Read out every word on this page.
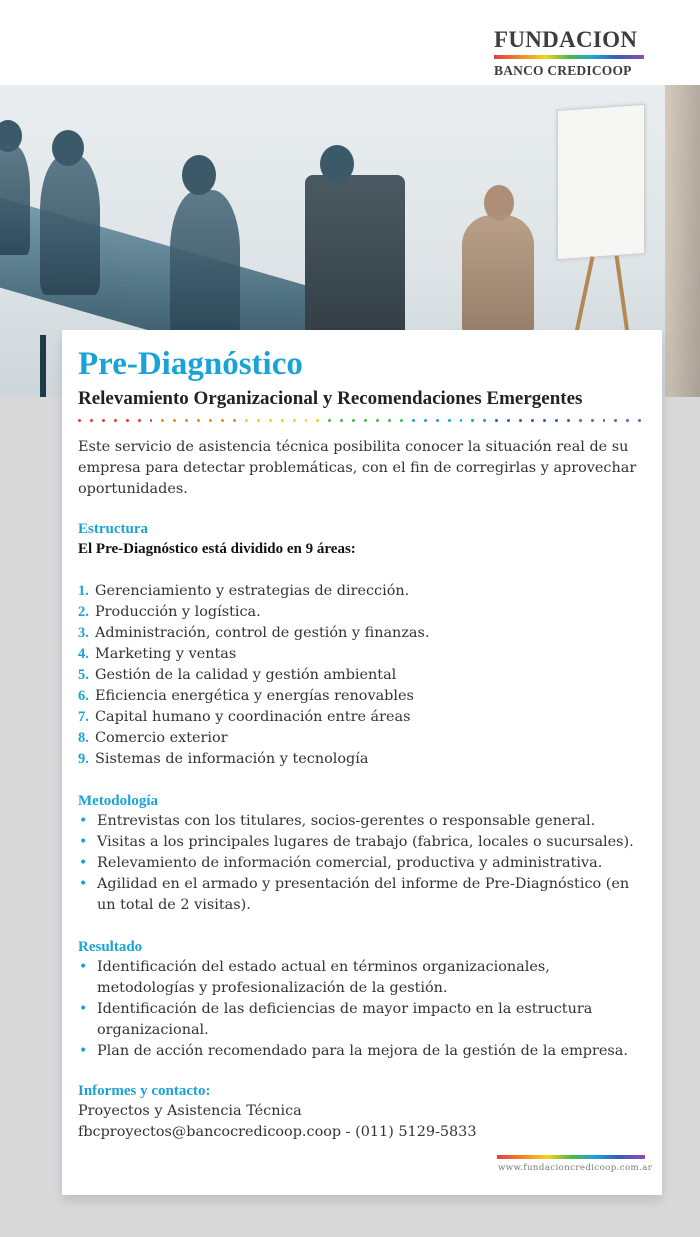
FUNDACION
BANCO CREDICOOP
Pre-Diagnóstico
Relevamiento Organizacional y Recomendaciones Emergentes
Este servicio de asistencia técnica posibilita conocer la situación real de su empresa para detectar problemáticas, con el fin de corregirlas y aprovechar oportunidades.
Estructura
El Pre-Diagnóstico está dividido en 9 áreas:
1. Gerenciamiento y estrategias de dirección.
2. Producción y logística.
3. Administración, control de gestión y finanzas.
4. Marketing y ventas
5. Gestión de la calidad y gestión ambiental
6. Eficiencia energética y energías renovables
7. Capital humano y coordinación entre áreas
8. Comercio exterior
9. Sistemas de información y tecnología
Metodología
• Entrevistas con los titulares, socios-gerentes o responsable general.
• Visitas a los principales lugares de trabajo (fabrica, locales o sucursales).
• Relevamiento de información comercial, productiva y administrativa.
• Agilidad en el armado y presentación del informe de Pre-Diagnóstico (en un total de 2 visitas).
Resultado
• Identificación del estado actual en términos organizacionales, metodologías y profesionalización de la gestión.
• Identificación de las deficiencias de mayor impacto en la estructura organizacional.
• Plan de acción recomendado para la mejora de la gestión de la empresa.
Informes y contacto:
Proyectos y Asistencia Técnica
fbcproyectos@bancocredicoop.coop - (011) 5129-5833
www.fundacioncredicoop.com.ar
